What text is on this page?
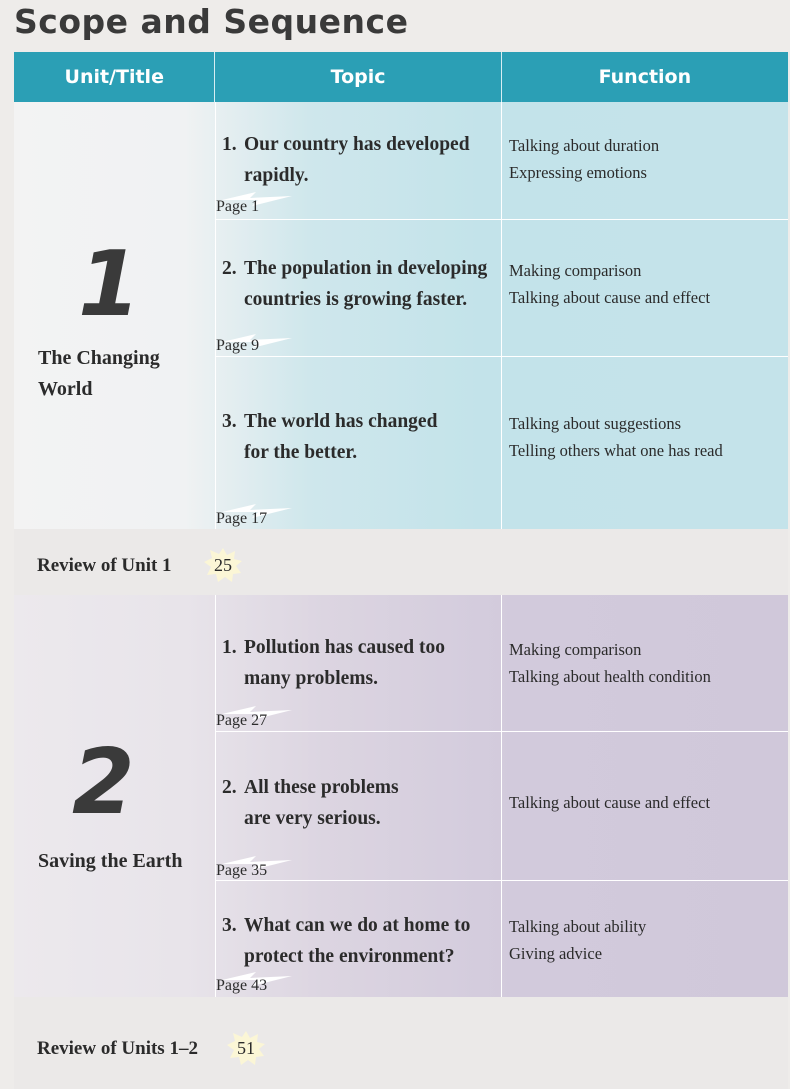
Scope and Sequence
Unit/Title	Topic	Function
1
The Changing
World
1. Our country has developed
rapidly.
Page 1
Talking about duration
Expressing emotions
2. The population in developing
countries is growing faster.
Page 9
Making comparison
Talking about cause and effect
3. The world has changed
for the better.
Page 17
Talking about suggestions
Telling others what one has read
Review of Unit 1 25
2
Saving the Earth
1. Pollution has caused too
many problems.
Page 27
Making comparison
Talking about health condition
2. All these problems
are very serious.
Page 35
Talking about cause and effect
3. What can we do at home to
protect the environment?
Page 43
Talking about ability
Giving advice
Review of Units 1–2 51
